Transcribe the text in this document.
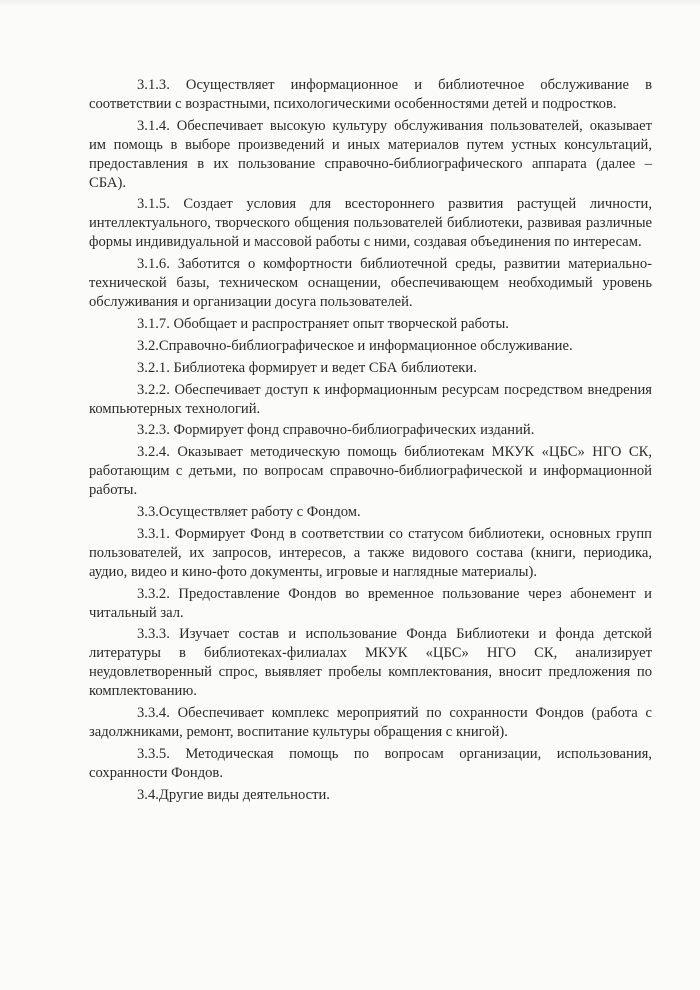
3.1.3. Осуществляет информационное и библиотечное обслуживание в соответствии с возрастными, психологическими особенностями детей и подростков.

3.1.4. Обеспечивает высокую культуру обслуживания пользователей, оказывает им помощь в выборе произведений и иных материалов путем устных консультаций, предоставления в их пользование справочно-библиографического аппарата (далее – СБА).

3.1.5. Создает условия для всестороннего развития растущей личности, интеллектуального, творческого общения пользователей библиотеки, развивая различные формы индивидуальной и массовой работы с ними, создавая объединения по интересам.

3.1.6. Заботится о комфортности библиотечной среды, развитии материально-технической базы, техническом оснащении, обеспечивающем необходимый уровень обслуживания и организации досуга пользователей.

3.1.7. Обобщает и распространяет опыт творческой работы.

3.2.Справочно-библиографическое и информационное обслуживание.

3.2.1. Библиотека формирует и ведет СБА библиотеки.

3.2.2. Обеспечивает доступ к информационным ресурсам посредством внедрения компьютерных технологий.

3.2.3. Формирует фонд справочно-библиографических изданий.

3.2.4. Оказывает методическую помощь библиотекам МКУК «ЦБС» НГО СК, работающим с детьми, по вопросам справочно-библиографической и информационной работы.

3.3.Осуществляет работу с Фондом.

3.3.1. Формирует Фонд в соответствии со статусом библиотеки, основных групп пользователей, их запросов, интересов, а также видового состава (книги, периодика, аудио, видео и кино-фото документы, игровые и наглядные материалы).

3.3.2. Предоставление Фондов во временное пользование через абонемент и читальный зал.

3.3.3. Изучает состав и использование Фонда Библиотеки и фонда детской литературы в библиотеках-филиалах МКУК «ЦБС» НГО СК, анализирует неудовлетворенный спрос, выявляет пробелы комплектования, вносит предложения по комплектованию.

3.3.4. Обеспечивает комплекс мероприятий по сохранности Фондов (работа с задолжниками, ремонт, воспитание культуры обращения с книгой).

3.3.5. Методическая помощь по вопросам организации, использования, сохранности Фондов.

3.4.Другие виды деятельности.
